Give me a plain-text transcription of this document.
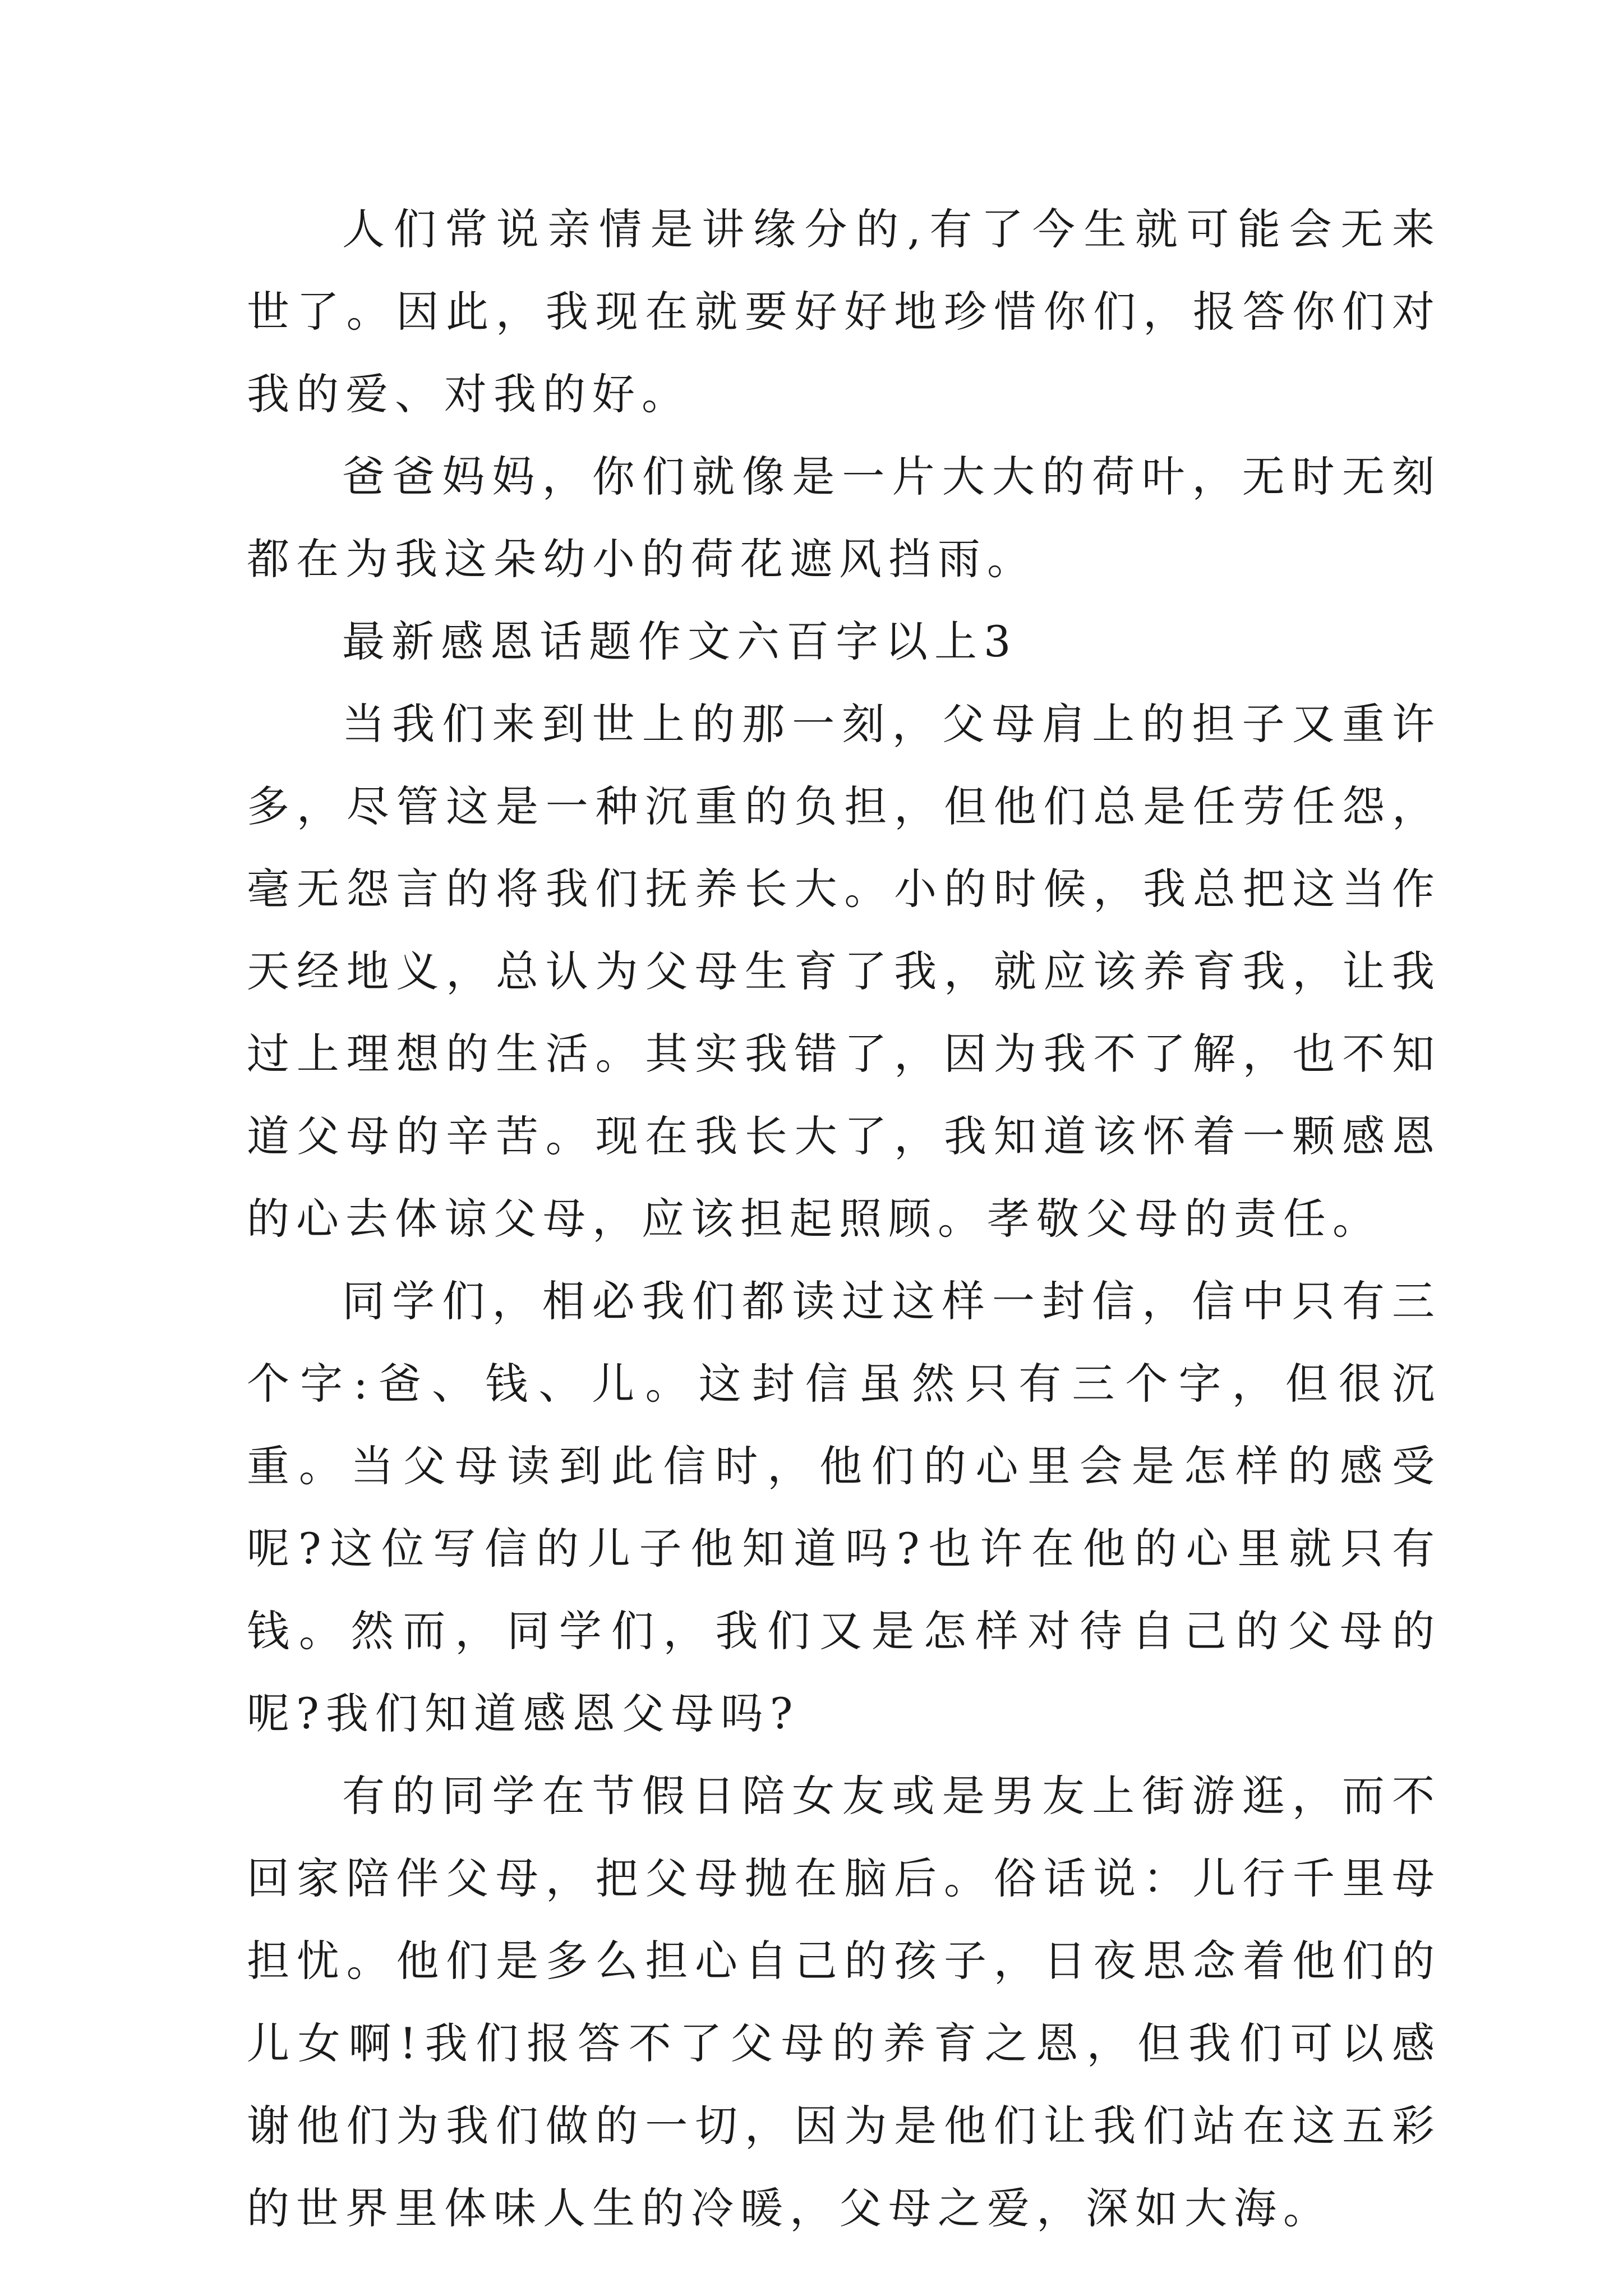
人们常说亲情是讲缘分的,有了今生就可能会无来世了。因此，我现在就要好好地珍惜你们，报答你们对我的爱、对我的好。

爸爸妈妈，你们就像是一片大大的荷叶，无时无刻都在为我这朵幼小的荷花遮风挡雨。

最新感恩话题作文六百字以上3

当我们来到世上的那一刻，父母肩上的担子又重许多，尽管这是一种沉重的负担，但他们总是任劳任怨，毫无怨言的将我们抚养长大。小的时候，我总把这当作天经地义，总认为父母生育了我，就应该养育我，让我过上理想的生活。其实我错了，因为我不了解，也不知道父母的辛苦。现在我长大了，我知道该怀着一颗感恩的心去体谅父母，应该担起照顾。孝敬父母的责任。

同学们，相必我们都读过这样一封信，信中只有三个字:爸、钱、儿。这封信虽然只有三个字，但很沉重。当父母读到此信时，他们的心里会是怎样的感受呢?这位写信的儿子他知道吗?也许在他的心里就只有钱。然而，同学们，我们又是怎样对待自己的父母的呢?我们知道感恩父母吗?

有的同学在节假日陪女友或是男友上街游逛，而不回家陪伴父母，把父母抛在脑后。俗话说：儿行千里母担忧。他们是多么担心自己的孩子，日夜思念着他们的儿女啊!我们报答不了父母的养育之恩，但我们可以感谢他们为我们做的一切，因为是他们让我们站在这五彩的世界里体味人生的冷暖，父母之爱，深如大海。
